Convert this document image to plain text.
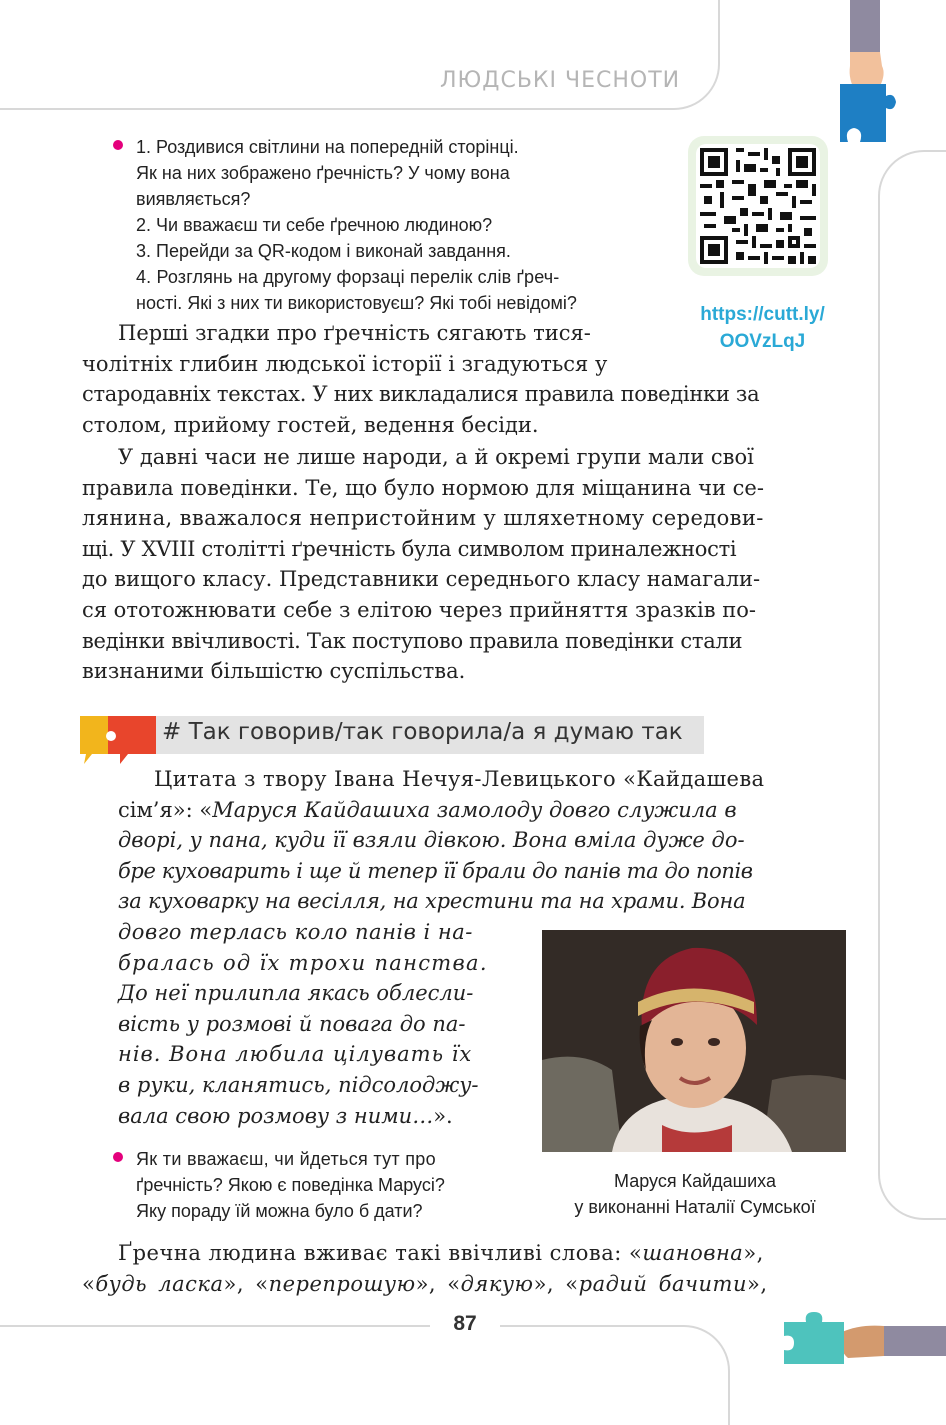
ЛЮДСЬКІ ЧЕСНОТИ
1. Роздивися світлини на попередній сторінці.
Як на них зображено ґречність? У чому вона
виявляється?
2. Чи вважаєш ти себе ґречною людиною?
3. Перейди за QR-кодом і виконай завдання.
4. Розглянь на другому форзаці перелік слів ґреч-
ності. Які з них ти використовуєш? Які тобі невідомі?
https://cutt.ly/
OOVzLqJ
Перші згадки про ґречність сягають тися-
чолітніх глибин людської історії і згадуються у
стародавніх текстах. У них викладалися правила поведінки за
столом, прийому гостей, ведення бесіди.
У давні часи не лише народи, а й окремі групи мали свої
правила поведінки. Те, що було нормою для міщанина чи се-
лянина, вважалося непристойним у шляхетному середови-
щі. У XVIII столітті ґречність була символом приналежності
до вищого класу. Представники середнього класу намагали-
ся ототожнювати себе з елітою через прийняття зразків по-
ведінки ввічливості. Так поступово правила поведінки стали
визнаними більшістю суспільства.
# Так говорив/так говорила/а я думаю так
Цитата з твору Івана Нечуя-Левицького «Кайдашева
сім’я»: «Маруся Кайдашиха замолоду довго служила в
дворі, у пана, куди її взяли дівкою. Вона вміла дуже до-
бре куховарить і ще й тепер її брали до панів та до попів
за куховарку на весілля, на хрестини та на храми. Вона
довго терлась коло панів і на-
бралась од їх трохи панства.
До неї прилипла якась облесли-
вість у розмові й повага до па-
нів. Вона любила цілувать їх
в руки, кланятись, підсолоджу-
вала свою розмову з ними…».
Маруся Кайдашиха
у виконанні Наталії Сумської
Як ти вважаєш, чи йдеться тут про
ґречність? Якою є поведінка Марусі?
Яку пораду їй можна було б дати?
Ґречна людина вживає такі ввічливі слова: «шановна»,
«будь ласка», «перепрошую», «дякую», «радий бачити»,
87
